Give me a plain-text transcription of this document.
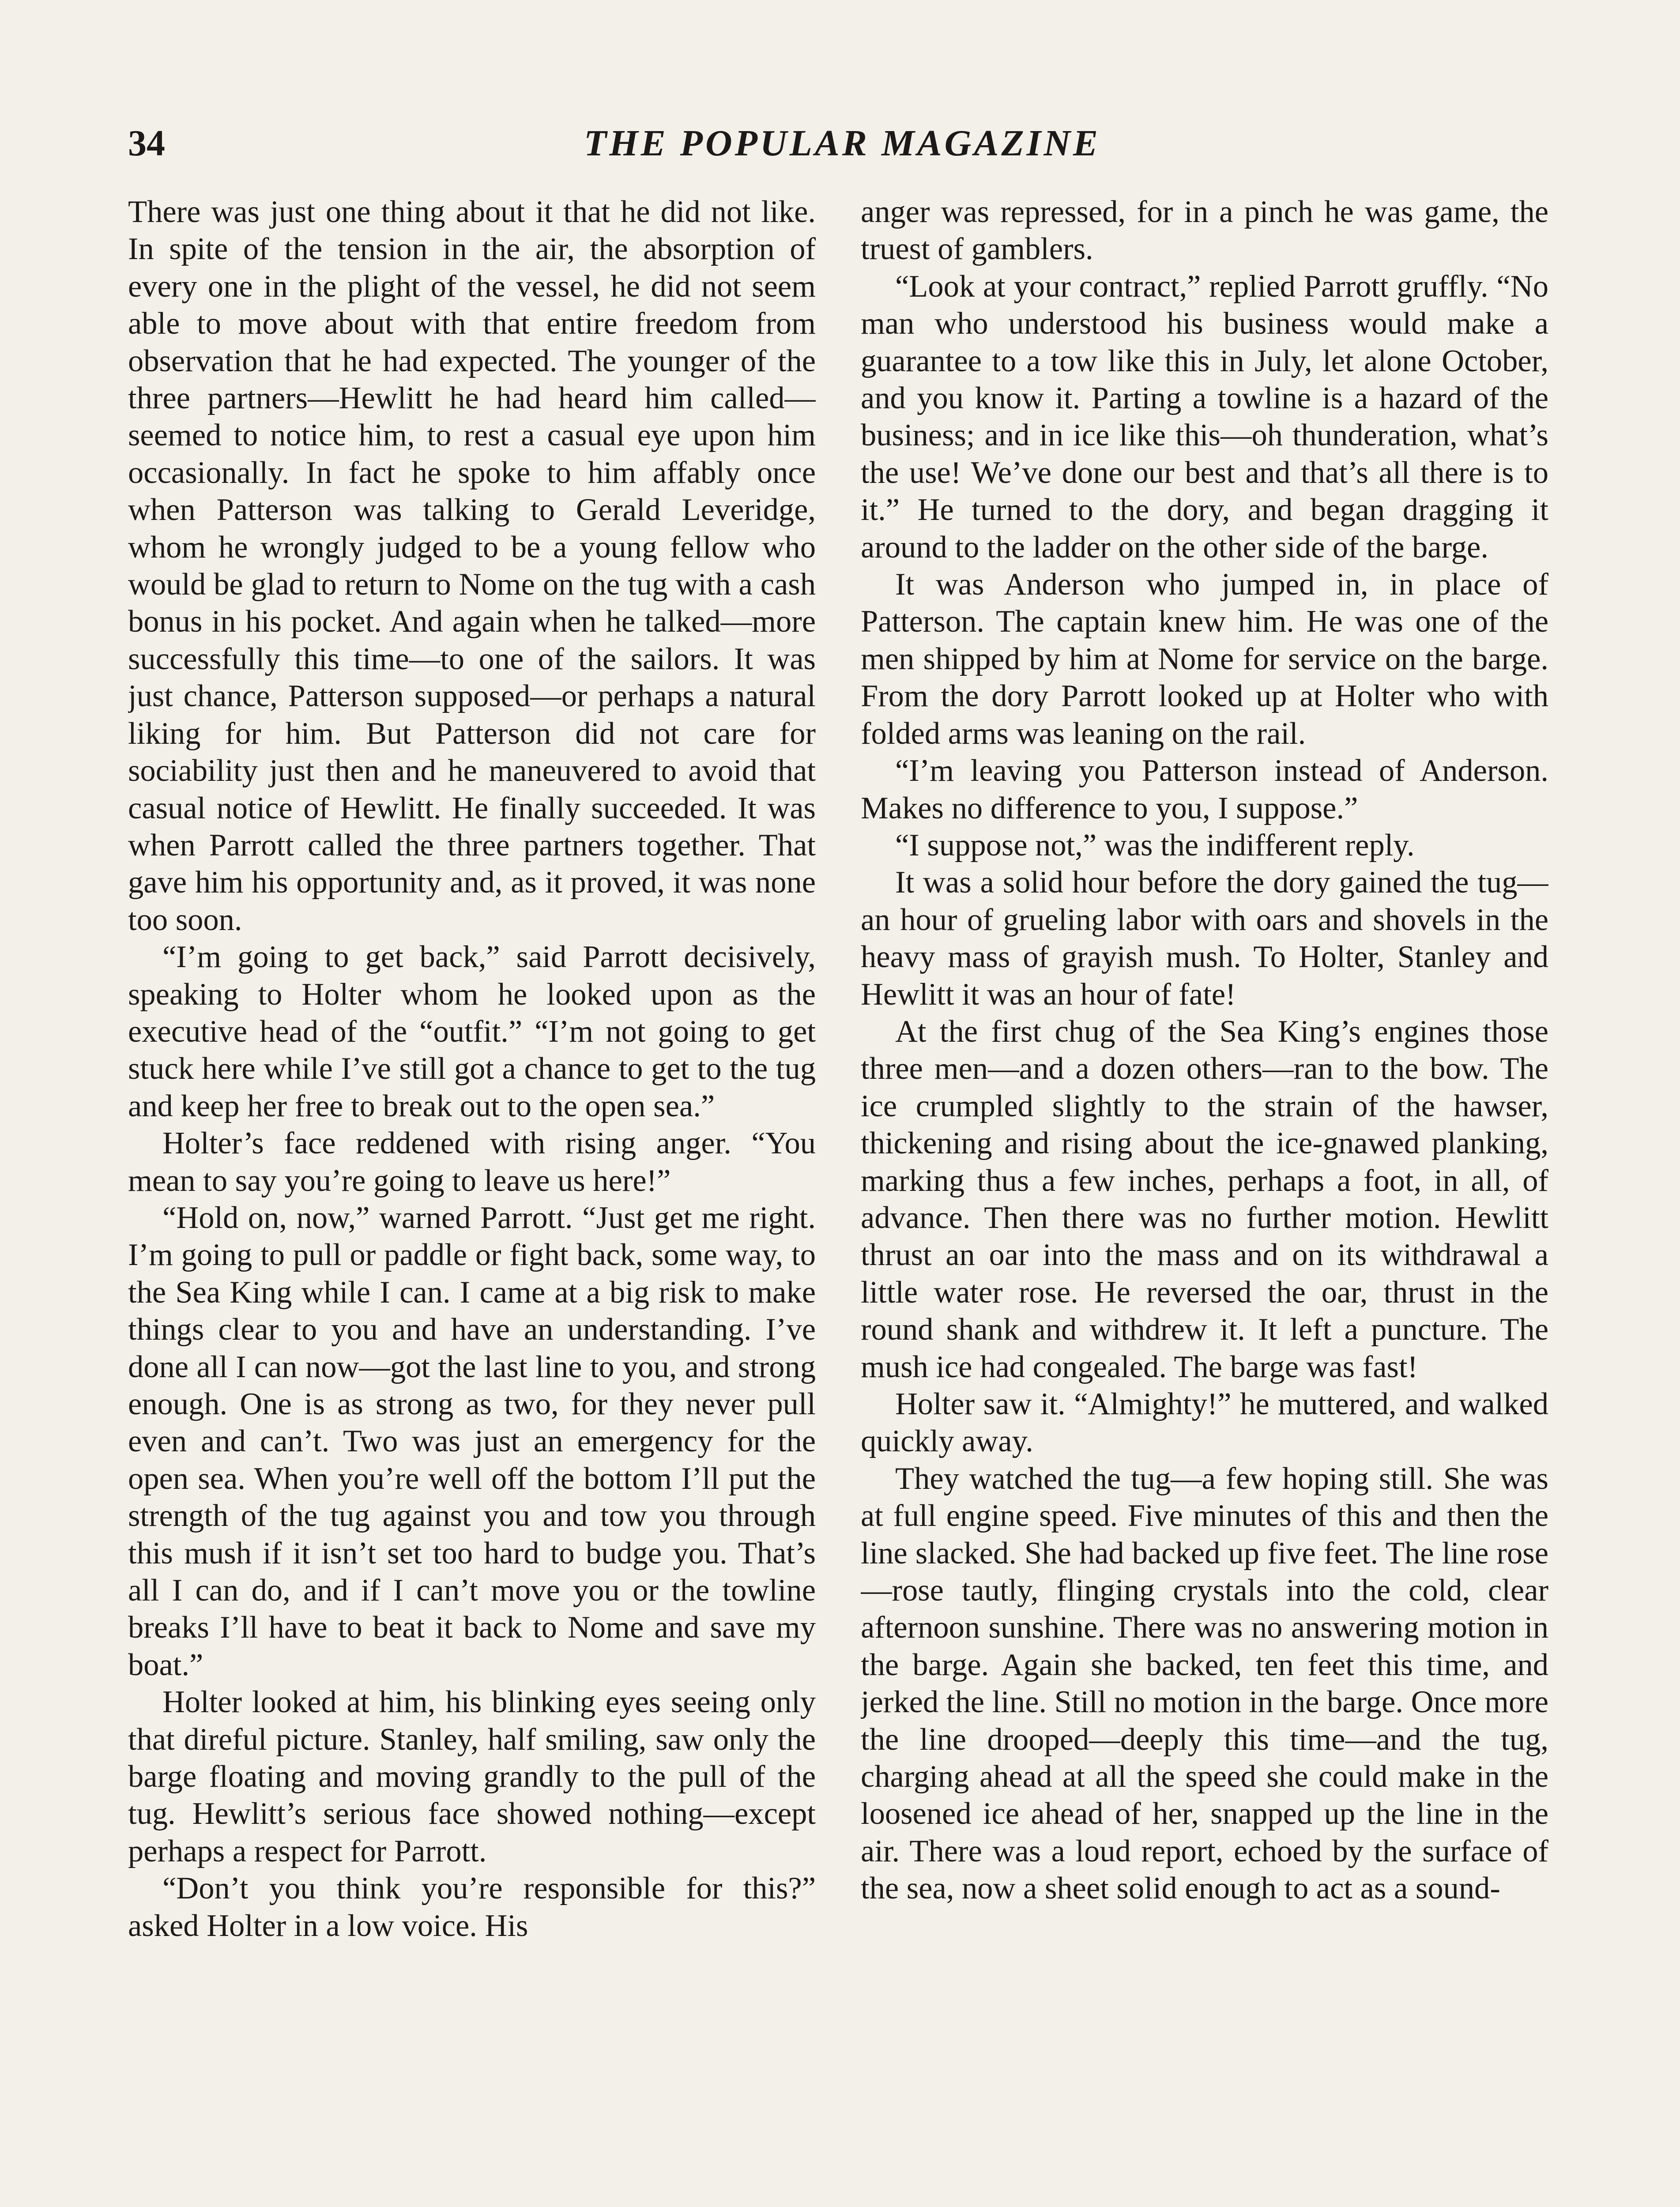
34	THE POPULAR MAGAZINE

There was just one thing about it that he did not like. In spite of the tension in the air, the absorption of every one in the plight of the vessel, he did not seem able to move about with that entire freedom from observation that he had expected. The younger of the three partners—Hewlitt he had heard him called—seemed to notice him, to rest a casual eye upon him occasionally. In fact he spoke to him affably once when Patterson was talking to Gerald Leveridge, whom he wrongly judged to be a young fellow who would be glad to return to Nome on the tug with a cash bonus in his pocket. And again when he talked—more successfully this time—to one of the sailors. It was just chance, Patterson supposed—or perhaps a natural liking for him. But Patterson did not care for sociability just then and he maneuvered to avoid that casual notice of Hewlitt. He finally succeeded. It was when Parrott called the three partners together. That gave him his opportunity and, as it proved, it was none too soon.

“I’m going to get back,” said Parrott decisively, speaking to Holter whom he looked upon as the executive head of the “outfit.” “I’m not going to get stuck here while I’ve still got a chance to get to the tug and keep her free to break out to the open sea.”

Holter’s face reddened with rising anger. “You mean to say you’re going to leave us here!”

“Hold on, now,” warned Parrott. “Just get me right. I’m going to pull or paddle or fight back, some way, to the Sea King while I can. I came at a big risk to make things clear to you and have an understanding. I’ve done all I can now—got the last line to you, and strong enough. One is as strong as two, for they never pull even and can’t. Two was just an emergency for the open sea. When you’re well off the bottom I’ll put the strength of the tug against you and tow you through this mush if it isn’t set too hard to budge you. That’s all I can do, and if I can’t move you or the towline breaks I’ll have to beat it back to Nome and save my boat.”

Holter looked at him, his blinking eyes seeing only that direful picture. Stanley, half smiling, saw only the barge floating and moving grandly to the pull of the tug. Hewlitt’s serious face showed nothing—except perhaps a respect for Parrott.

“Don’t you think you’re responsible for this?” asked Holter in a low voice. His

anger was repressed, for in a pinch he was game, the truest of gamblers.

“Look at your contract,” replied Parrott gruffly. “No man who understood his business would make a guarantee to a tow like this in July, let alone October, and you know it. Parting a towline is a hazard of the business; and in ice like this—oh thunderation, what’s the use! We’ve done our best and that’s all there is to it.” He turned to the dory, and began dragging it around to the ladder on the other side of the barge.

It was Anderson who jumped in, in place of Patterson. The captain knew him. He was one of the men shipped by him at Nome for service on the barge. From the dory Parrott looked up at Holter who with folded arms was leaning on the rail.

“I’m leaving you Patterson instead of Anderson. Makes no difference to you, I suppose.”

“I suppose not,” was the indifferent reply.

It was a solid hour before the dory gained the tug—an hour of grueling labor with oars and shovels in the heavy mass of grayish mush. To Holter, Stanley and Hewlitt it was an hour of fate!

At the first chug of the Sea King’s engines those three men—and a dozen others—ran to the bow. The ice crumpled slightly to the strain of the hawser, thickening and rising about the ice-gnawed planking, marking thus a few inches, perhaps a foot, in all, of advance. Then there was no further motion. Hewlitt thrust an oar into the mass and on its withdrawal a little water rose. He reversed the oar, thrust in the round shank and withdrew it. It left a puncture. The mush ice had congealed. The barge was fast!

Holter saw it. “Almighty!” he muttered, and walked quickly away.

They watched the tug—a few hoping still. She was at full engine speed. Five minutes of this and then the line slacked. She had backed up five feet. The line rose—rose tautly, flinging crystals into the cold, clear afternoon sunshine. There was no answering motion in the barge. Again she backed, ten feet this time, and jerked the line. Still no motion in the barge. Once more the line drooped—deeply this time—and the tug, charging ahead at all the speed she could make in the loosened ice ahead of her, snapped up the line in the air. There was a loud report, echoed by the surface of the sea, now a sheet solid enough to act as a sound-
